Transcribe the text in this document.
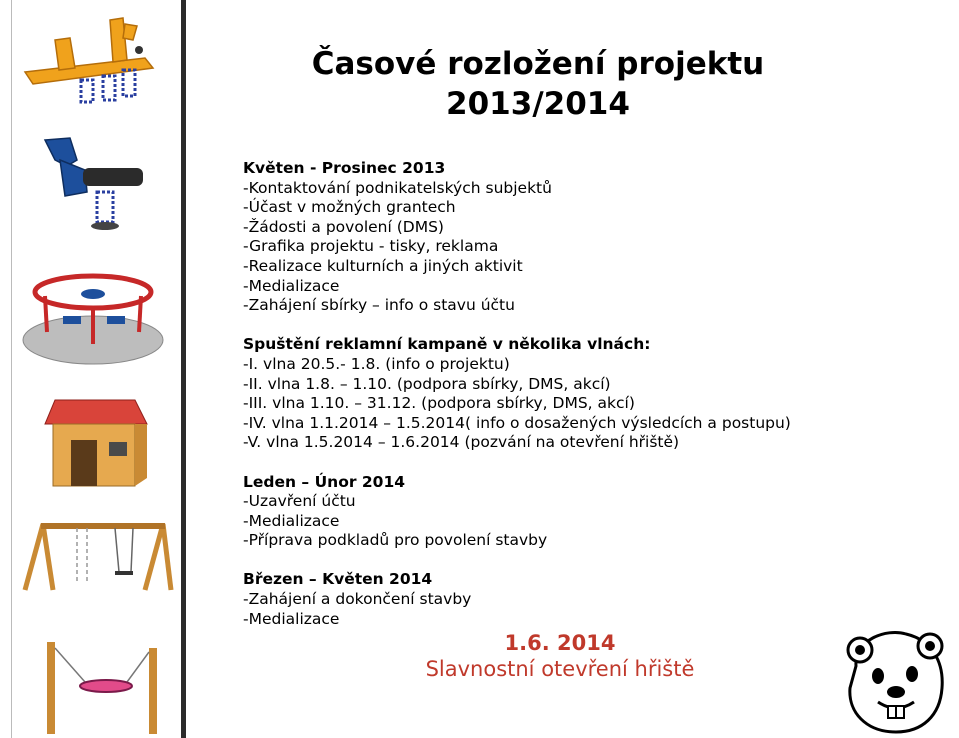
Časové rozložení projektu
2013/2014
Květen - Prosinec 2013
-Kontaktování podnikatelských subjektů
-Účast v možných grantech
-Žádosti a povolení (DMS)
-Grafika projektu - tisky, reklama
-Realizace kulturních a jiných aktivit
-Medializace
-Zahájení sbírky – info o stavu účtu
Spuštění reklamní kampaně v několika vlnách:
-I. vlna 20.5.- 1.8. (info o projektu)
-II. vlna 1.8. – 1.10. (podpora sbírky, DMS, akcí)
-III. vlna 1.10. – 31.12. (podpora sbírky, DMS, akcí)
-IV. vlna 1.1.2014 – 1.5.2014( info o dosažených výsledcích a postupu)
-V. vlna 1.5.2014 – 1.6.2014 (pozvání na otevření hřiště)
Leden – Únor 2014
-Uzavření účtu
-Medializace
-Příprava podkladů pro povolení stavby
Březen – Květen 2014
-Zahájení a dokončení stavby
-Medializace
1.6. 2014
Slavnostní otevření hřiště
